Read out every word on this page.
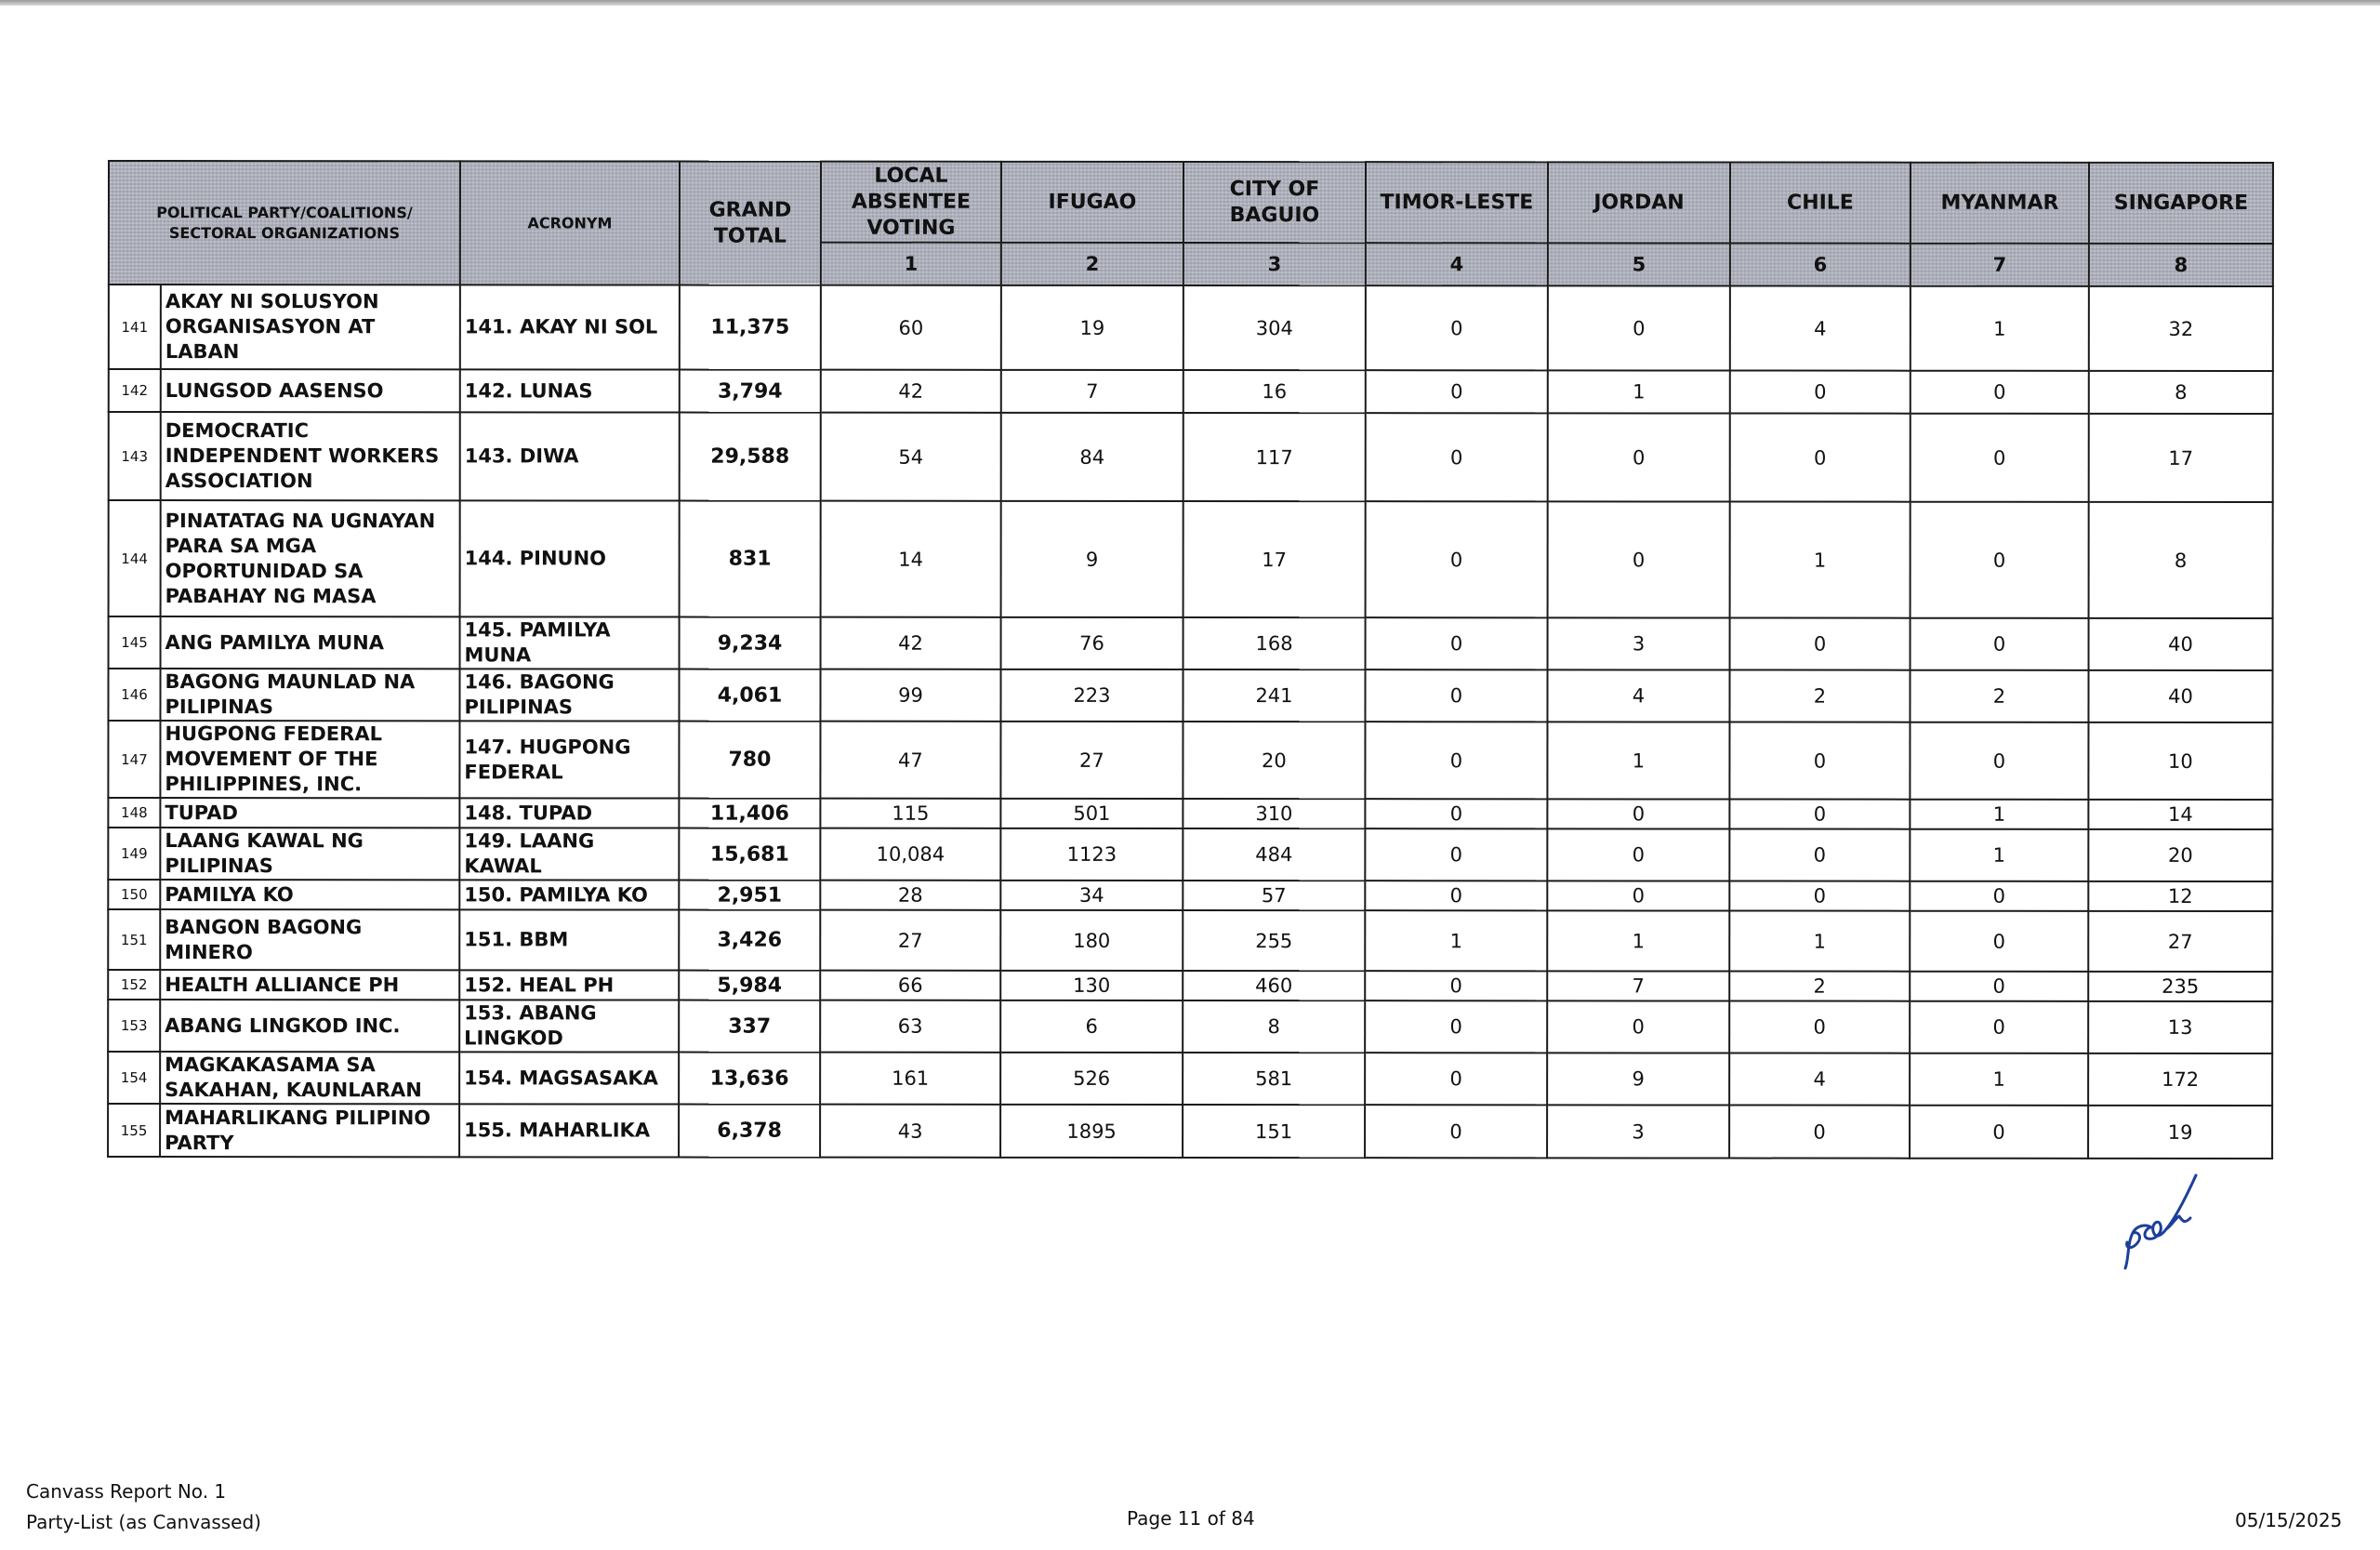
POLITICAL PARTY/COALITIONS/ SECTORAL ORGANIZATIONS		ACRONYM	GRAND TOTAL	LOCAL ABSENTEE VOTING	IFUGAO	CITY OF BAGUIO	TIMOR-LESTE	JORDAN	CHILE	MYANMAR	SINGAPORE
				1	2	3	4	5	6	7	8
141	AKAY NI SOLUSYON ORGANISASYON AT LABAN	141. AKAY NI SOL	11,375	60	19	304	0	0	4	1	32
142	LUNGSOD AASENSO	142. LUNAS	3,794	42	7	16	0	1	0	0	8
143	DEMOCRATIC INDEPENDENT WORKERS ASSOCIATION	143. DIWA	29,588	54	84	117	0	0	0	0	17
144	PINATATAG NA UGNAYAN PARA SA MGA OPORTUNIDAD SA PABAHAY NG MASA	144. PINUNO	831	14	9	17	0	0	1	0	8
145	ANG PAMILYA MUNA	145. PAMILYA MUNA	9,234	42	76	168	0	3	0	0	40
146	BAGONG MAUNLAD NA PILIPINAS	146. BAGONG PILIPINAS	4,061	99	223	241	0	4	2	2	40
147	HUGPONG FEDERAL MOVEMENT OF THE PHILIPPINES, INC.	147. HUGPONG FEDERAL	780	47	27	20	0	1	0	0	10
148	TUPAD	148. TUPAD	11,406	115	501	310	0	0	0	1	14
149	LAANG KAWAL NG PILIPINAS	149. LAANG KAWAL	15,681	10,084	1123	484	0	0	0	1	20
150	PAMILYA KO	150. PAMILYA KO	2,951	28	34	57	0	0	0	0	12
151	BANGON BAGONG MINERO	151. BBM	3,426	27	180	255	1	1	1	0	27
152	HEALTH ALLIANCE PH	152. HEAL PH	5,984	66	130	460	0	7	2	0	235
153	ABANG LINGKOD INC.	153. ABANG LINGKOD	337	63	6	8	0	0	0	0	13
154	MAGKAKASAMA SA SAKAHAN, KAUNLARAN	154. MAGSASAKA	13,636	161	526	581	0	9	4	1	172
155	MAHARLIKANG PILIPINO PARTY	155. MAHARLIKA	6,378	43	1895	151	0	3	0	0	19
Canvass Report No. 1
Party-List (as Canvassed)	Page 11 of 84	05/15/2025
